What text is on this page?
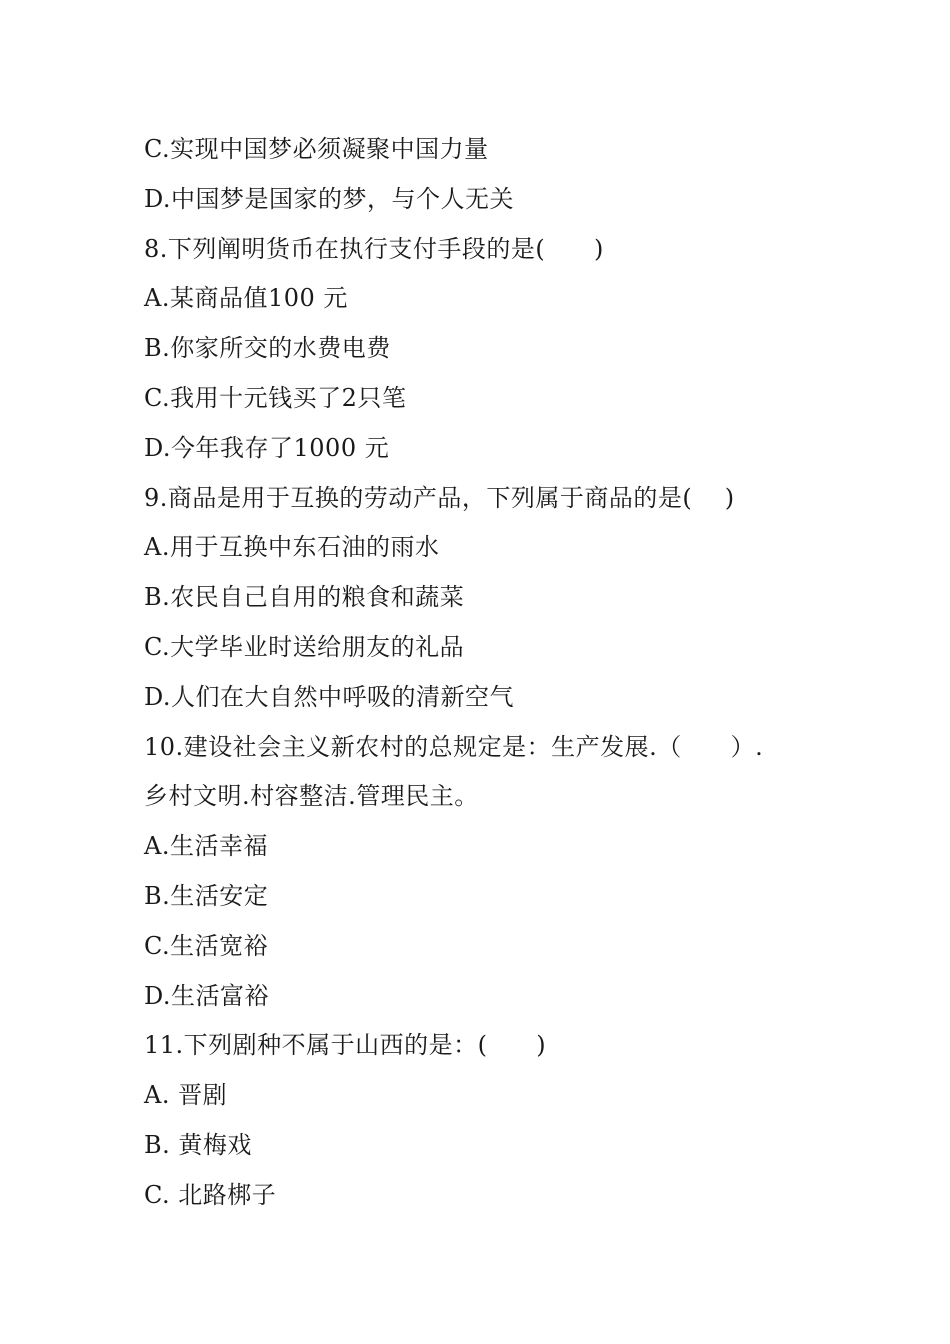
C.实现中国梦必须凝聚中国力量
D.中国梦是国家的梦，与个人无关
8.下列阐明货币在执行支付手段的是(      )
A.某商品值100 元
B.你家所交的水费电费
C.我用十元钱买了2只笔
D.今年我存了1000 元
9.商品是用于互换的劳动产品，下列属于商品的是(    )
A.用于互换中东石油的雨水
B.农民自己自用的粮食和蔬菜
C.大学毕业时送给朋友的礼品
D.人们在大自然中呼吸的清新空气
10.建设社会主义新农村的总规定是：生产发展.（      ）.
乡村文明.村容整洁.管理民主。
A.生活幸福
B.生活安定
C.生活宽裕
D.生活富裕
11.下列剧种不属于山西的是：(      )
A. 晋剧
B. 黄梅戏
C. 北路梆子
